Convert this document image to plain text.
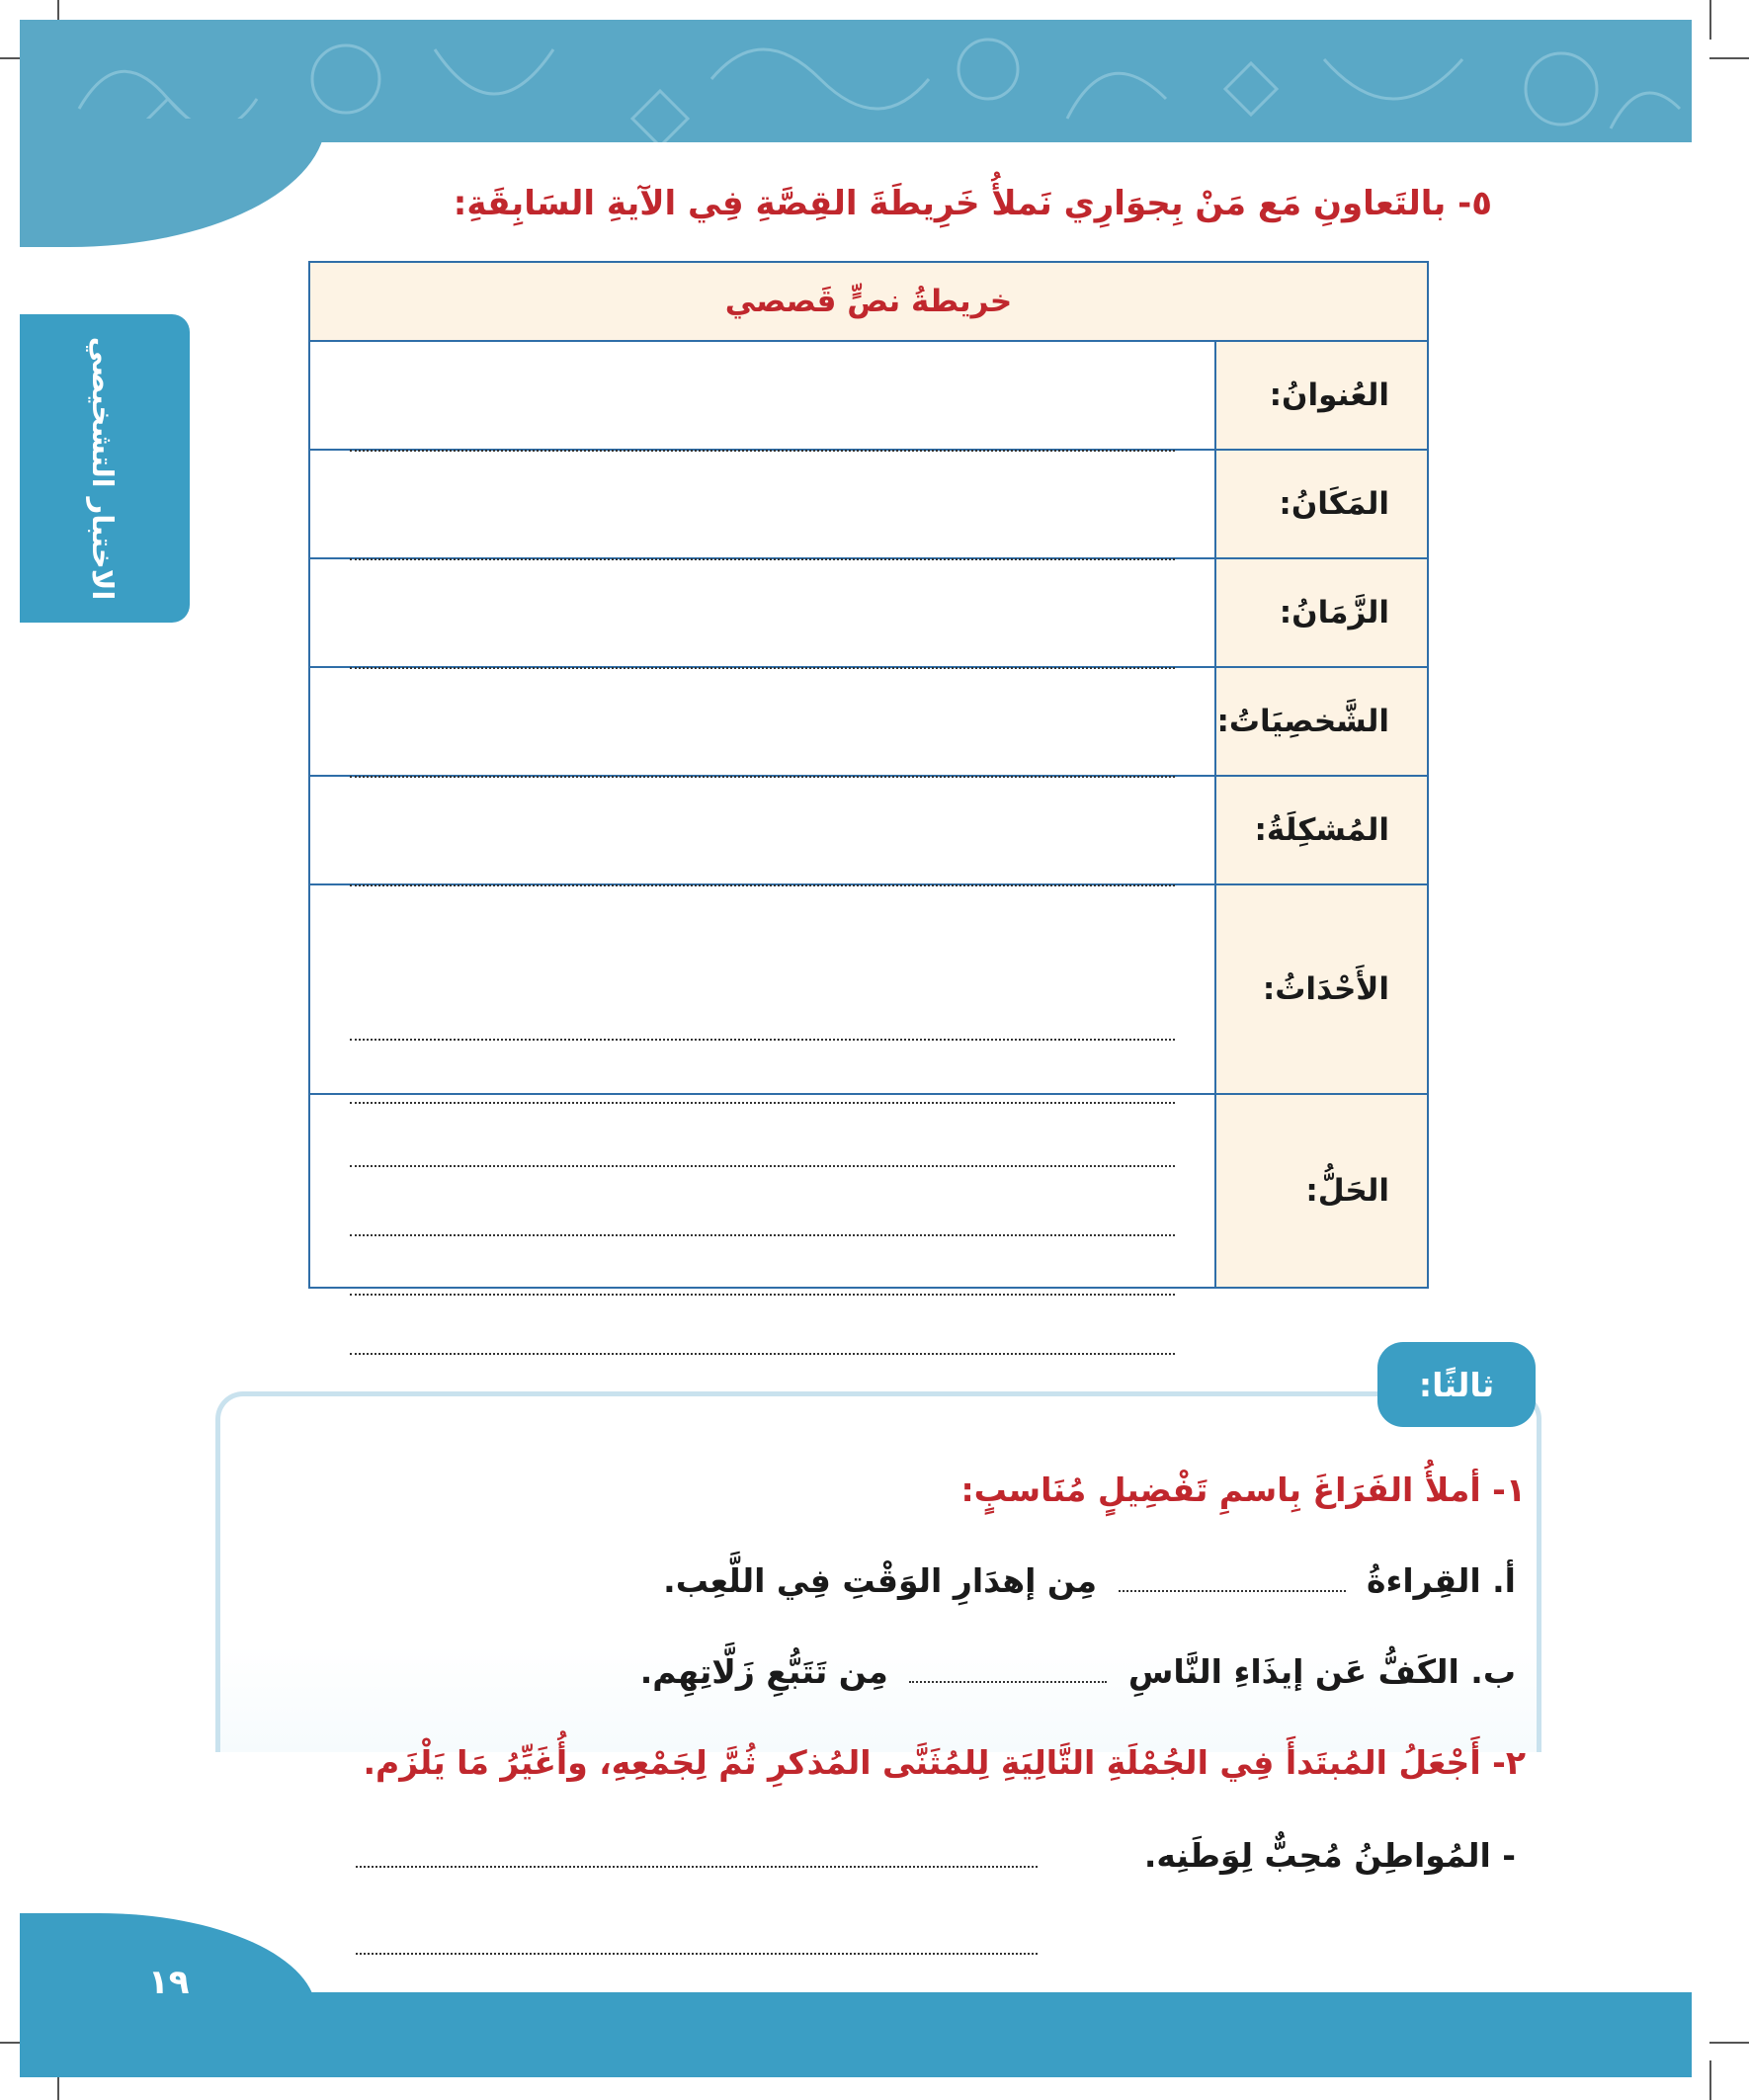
الاختبار التشخيصي
٥- بالتَعاونِ مَع مَنْ بِجوَارِي نَملأُ خَرِيطَةَ القِصَّةِ فِي الآيةِ السَابِقَةِ:
خريطةُ نصٍّ قَصصي	
العُنوانُ:	

المَكَانُ:	

الزَّمَانُ:	

الشَّخصِيَاتُ:	

المُشكِلَةُ:	

الأَحْدَاثُ:	

الحَلُّ:	
ثالثًا:
١- أملأُ الفَرَاغَ بِاسمِ تَفْضِيلٍ مُنَاسبٍ:
أ. القِراءةُ  مِن إهدَارِ الوَقْتِ فِي اللَّعِب.
ب. الكَفُّ عَن إيذَاءِ النَّاسِ  مِن تَتَبُّعِ زَلَّاتِهِم.
٢- أَجْعَلُ المُبتَدأَ فِي الجُمْلَةِ التَّالِيَةِ لِلمُثَنَّى المُذكرِ ثُمَّ لِجَمْعِهِ، وأُغَيِّرُ مَا يَلْزَم.
- المُواطِنُ مُحِبٌّ لِوَطَنِه.
١٩
